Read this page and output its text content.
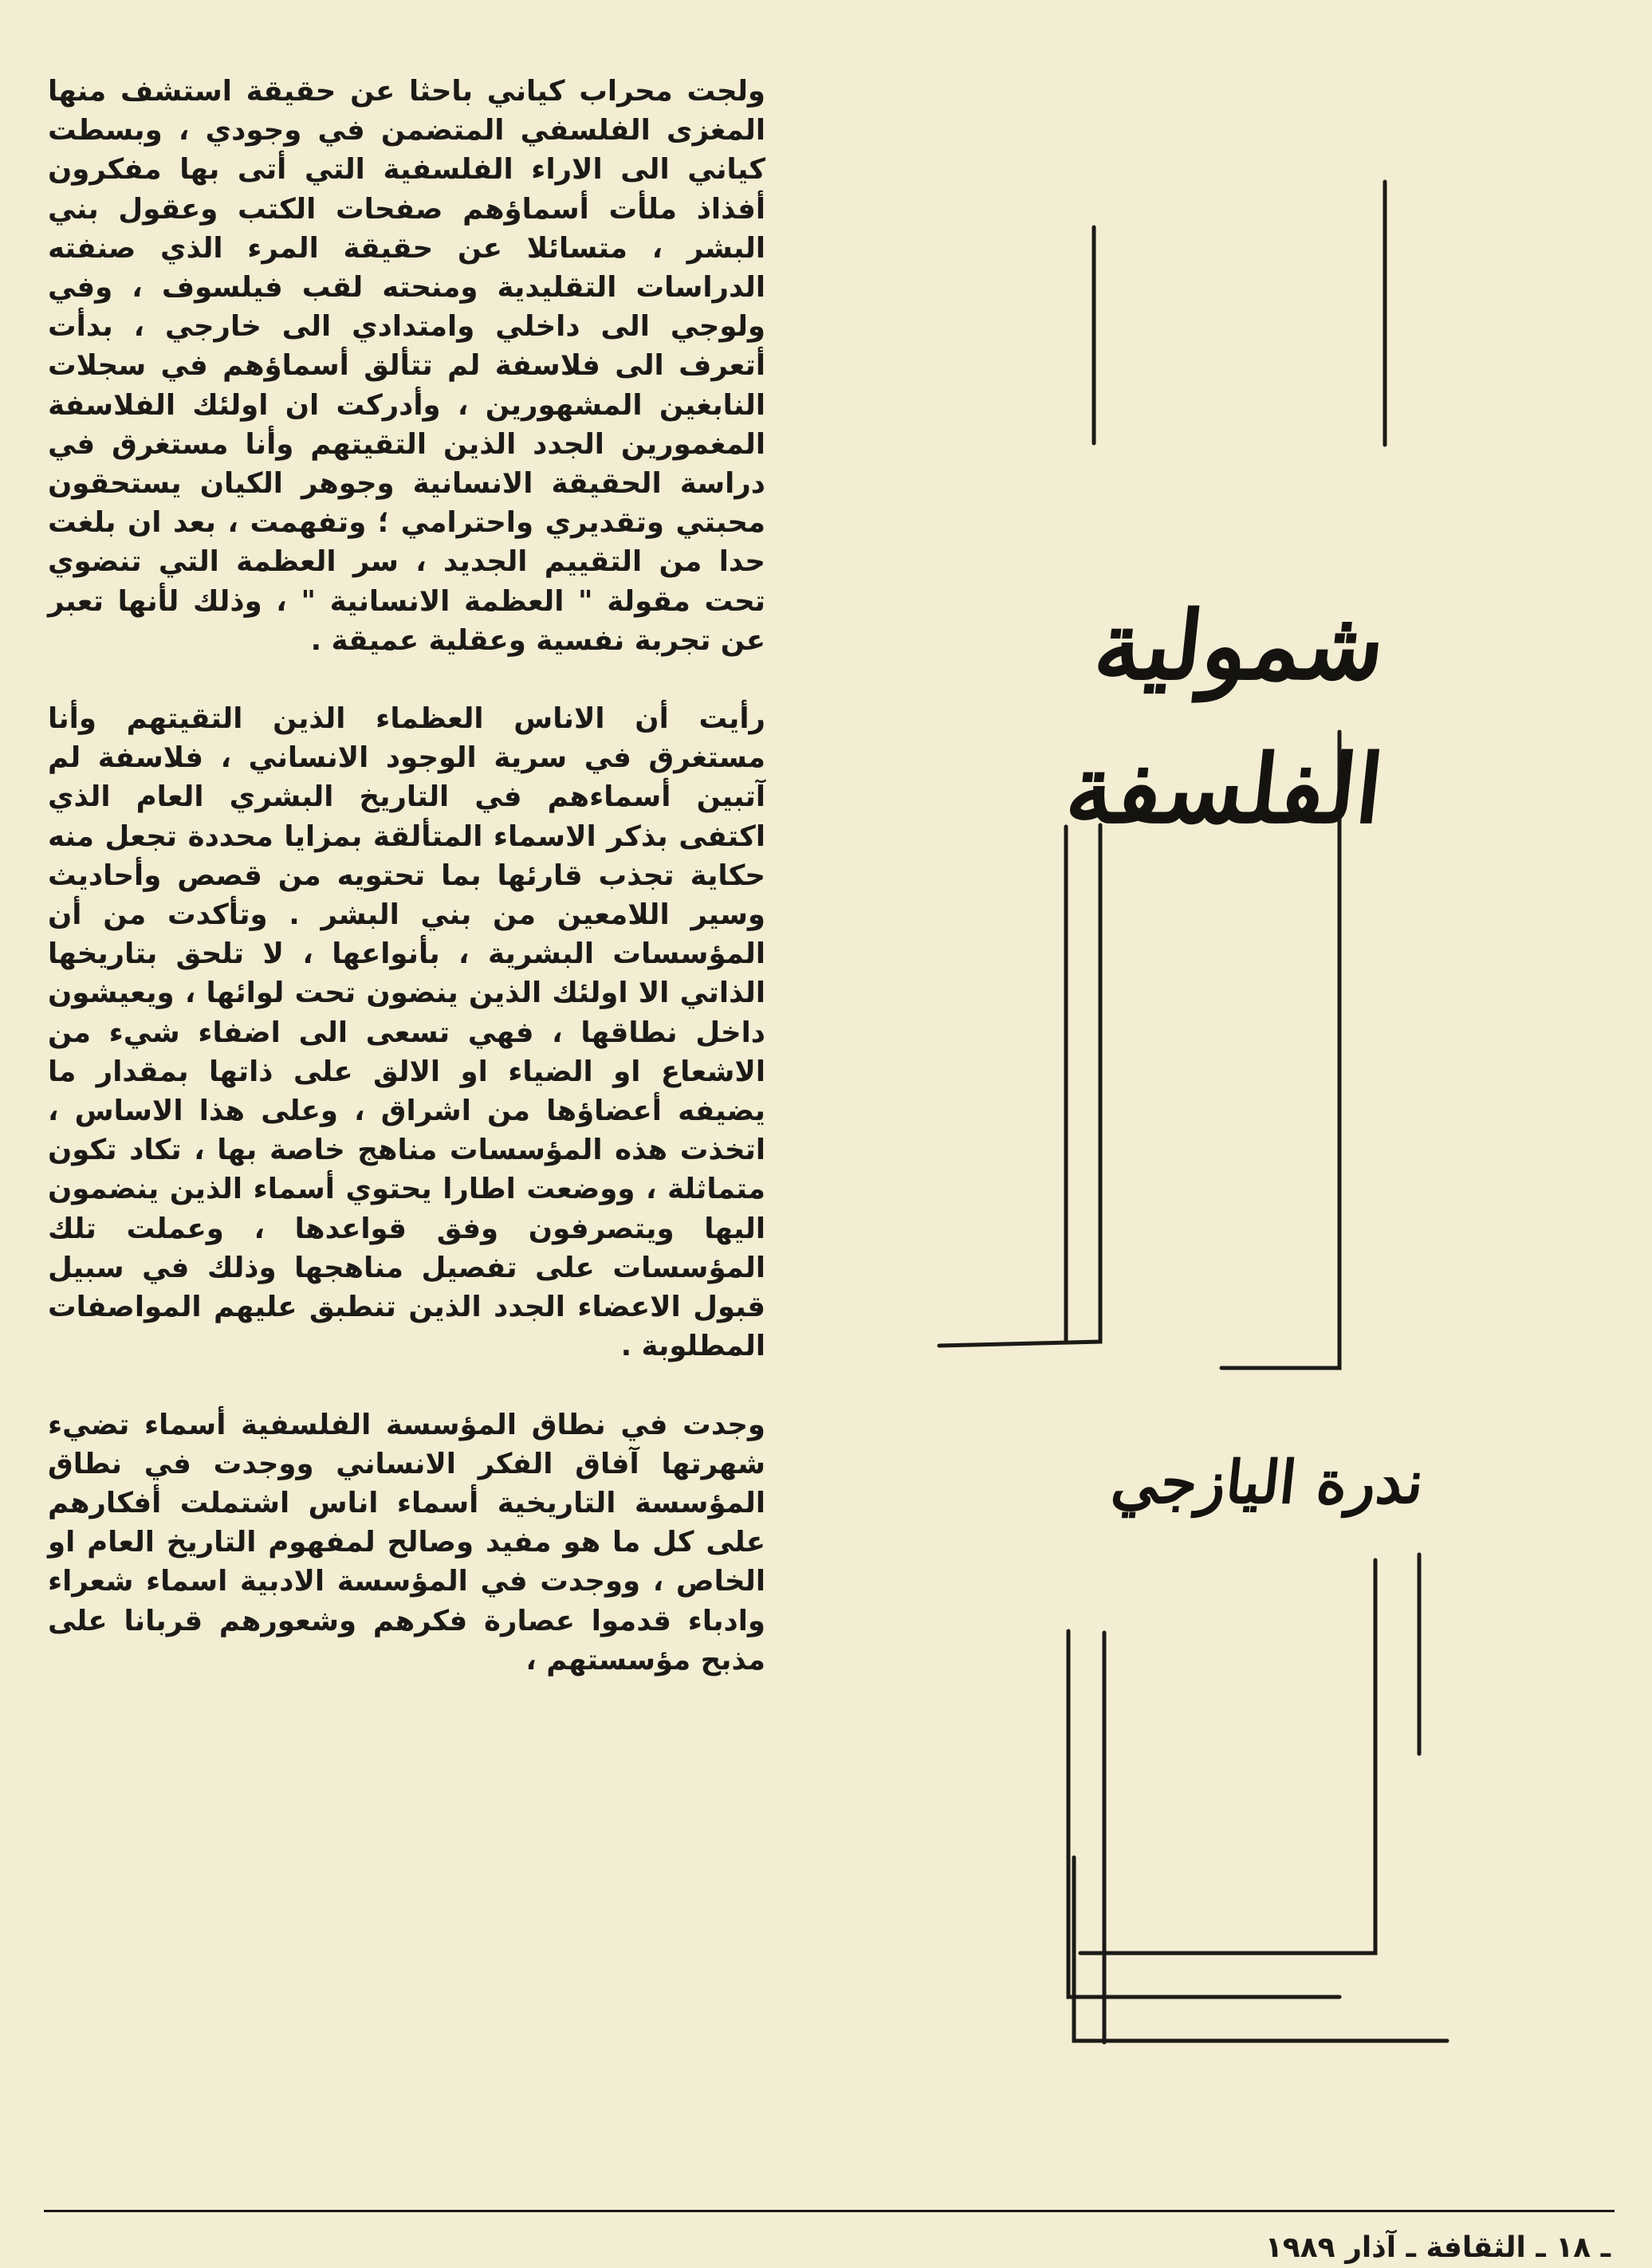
ولجت محراب كياني باحثا عن حقيقة استشف منها المغزى الفلسفي المتضمن في وجودي ، وبسطت كياني الى الاراء الفلسفية التي أتى بها مفكرون أفذاذ ملأت أسماؤهم صفحات الكتب وعقول بني البشر ، متسائلا عن حقيقة المرء الذي صنفته الدراسات التقليدية ومنحته لقب فيلسوف ، وفي ولوجي الى داخلي وامتدادي الى خارجي ، بدأت أتعرف الى فلاسفة لم تتألق أسماؤهم في سجلات النابغين المشهورين ، وأدركت ان اولئك الفلاسفة المغمورين الجدد الذين التقيتهم وأنا مستغرق في دراسة الحقيقة الانسانية وجوهر الكيان يستحقون محبتي وتقديري واحترامي ؛ وتفهمت ، بعد ان بلغت حدا من التقييم الجديد ، سر العظمة التي تنضوي تحت مقولة " العظمة الانسانية " ، وذلك لأنها تعبر عن تجربة نفسية وعقلية عميقة .

رأيت أن الاناس العظماء الذين التقيتهم وأنا مستغرق في سرية الوجود الانساني ، فلاسفة لم آتبين أسماءهم في التاريخ البشري العام الذي اكتفى بذكر الاسماء المتألقة بمزايا محددة تجعل منه حكاية تجذب قارئها بما تحتويه من قصص وأحاديث وسير اللامعين من بني البشر . وتأكدت من أن المؤسسات البشرية ، بأنواعها ، لا تلحق بتاريخها الذاتي الا اولئك الذين ينضون تحت لوائها ، ويعيشون داخل نطاقها ، فهي تسعى الى اضفاء شيء من الاشعاع او الضياء او الالق على ذاتها بمقدار ما يضيفه أعضاؤها من اشراق ، وعلى هذا الاساس ، اتخذت هذه المؤسسات مناهج خاصة بها ، تكاد تكون متماثلة ، ووضعت اطارا يحتوي أسماء الذين ينضمون اليها ويتصرفون وفق قواعدها ، وعملت تلك المؤسسات على تفصيل مناهجها وذلك في سبيل قبول الاعضاء الجدد الذين تنطبق عليهم المواصفات المطلوبة .

وجدت في نطاق المؤسسة الفلسفية أسماء تضيء شهرتها آفاق الفكر الانساني ووجدت في نطاق المؤسسة التاريخية أسماء اناس اشتملت أفكارهم على كل ما هو مفيد وصالح لمفهوم التاريخ العام او الخاص ، ووجدت في المؤسسة الادبية اسماء شعراء وادباء قدموا عصارة فكرهم وشعورهم قربانا على مذبح مؤسستهم ،

شمولية الفلسفة
ندرة اليازجي
ـ ١٨ ـ الثقافة ـ آذار ١٩٨٩
